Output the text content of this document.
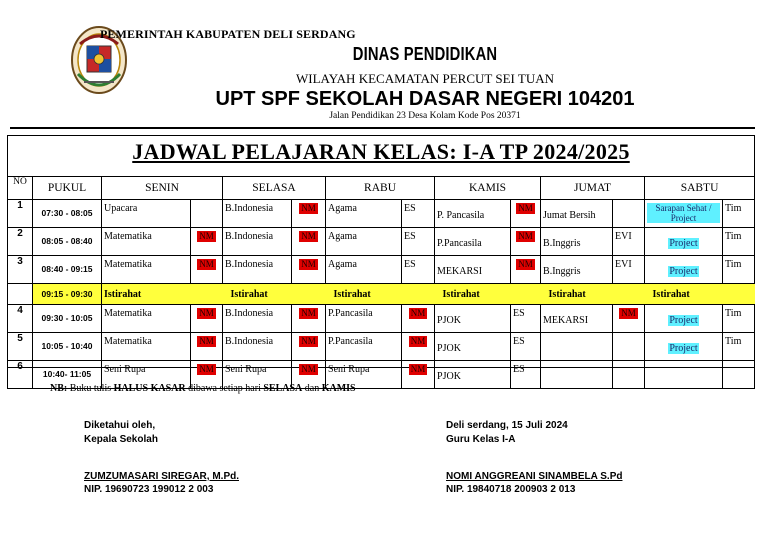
PEMERINTAH KABUPATEN DELI SERDANG
DINAS PENDIDIKAN
WILAYAH KECAMATAN PERCUT SEI TUAN
UPT SPF SEKOLAH DASAR NEGERI 104201
Jalan Pendidikan 23 Desa Kolam Kode Pos 20371
JADWAL PELAJARAN KELAS: I-A TP 2024/2025
NO	PUKUL	SENIN		SELASA		RABU		KAMIS		JUMAT		SABTU	
1	07:30 - 08:05	Upacara		B.Indonesia	NM	Agama	ES	P. Pancasila	NM	Jumat Bersih		Sarapan Sehat / Project	Tim
2	08:05 - 08:40	Matematika	NM	B.Indonesia	NM	Agama	ES	P.Pancasila	NM	B.Inggris	EVI	Project	Tim
3	08:40 - 09:15	Matematika	NM	B.Indonesia	NM	Agama	ES	MEKARSI	NM	B.Inggris	EVI	Project	Tim
	09:15 - 09:30	Istirahat		Istirahat		Istirahat		Istirahat		Istirahat		Istirahat	
4	09:30 - 10:05	Matematika	NM	B.Indonesia	NM	P.Pancasila	NM	PJOK	ES	MEKARSI	NM	Project	Tim
5	10:05 - 10:40	Matematika	NM	B.Indonesia	NM	P.Pancasila	NM	PJOK	ES			Project	Tim
6	10:40- 11:05	Seni Rupa	NM	Seni Rupa	NM	Seni Rupa	NM	PJOK	ES				
NB: Buku tulis HALUS KASAR dibawa setiap hari SELASA dan KAMIS
Diketahui oleh,
Kepala Sekolah
ZUMZUMASARI SIREGAR, M.Pd.
NIP. 19690723 199012 2 003
Deli serdang, 15 Juli 2024
Guru Kelas I-A
NOMI ANGGREANI SINAMBELA S.Pd
NIP. 19840718 200903 2 013
